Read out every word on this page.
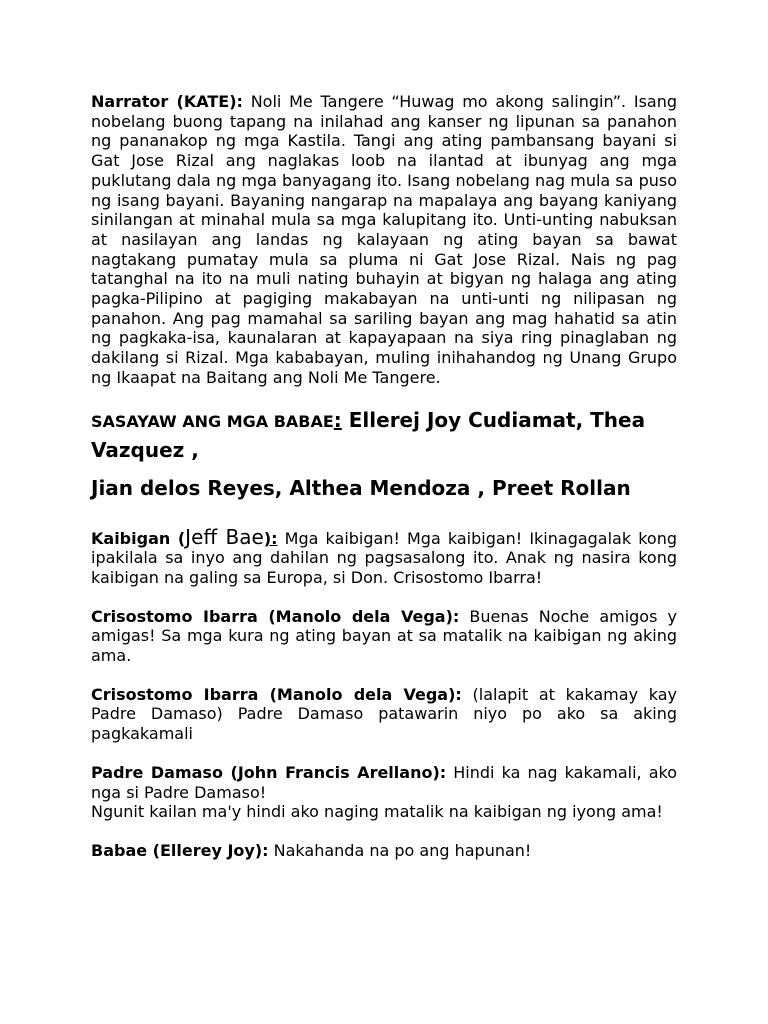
Narrator (KATE): Noli Me Tangere “Huwag mo akong salingin”. Isang nobelang buong tapang na inilahad ang kanser ng lipunan sa panahon ng pananakop ng mga Kastila. Tangi ang ating pambansang bayani si Gat Jose Rizal ang naglakas loob na ilantad at ibunyag ang mga puklutang dala ng mga banyagang ito. Isang nobelang nag mula sa puso ng isang bayani. Bayaning nangarap na mapalaya ang bayang kaniyang sinilangan at minahal mula sa mga kalupitang ito. Unti-unting nabuksan at nasilayan ang landas ng kalayaan ng ating bayan sa bawat nagtakang pumatay mula sa pluma ni Gat Jose Rizal. Nais ng pag tatanghal na ito na muli nating buhayin at bigyan ng halaga ang ating pagka-Pilipino at pagiging makabayan na unti-unti ng nilipasan ng panahon. Ang pag mamahal sa sariling bayan ang mag hahatid sa atin ng pagkaka-isa, kaunalaran at kapayapaan na siya ring pinaglaban ng dakilang si Rizal. Mga kababayan, muling inihahandog ng Unang Grupo ng Ikaapat na Baitang ang Noli Me Tangere.

SASAYAW ANG MGA BABAE: Ellerej Joy Cudiamat, Thea Vazquez ,

Jian delos Reyes, Althea Mendoza , Preet Rollan

Kaibigan (Jeff Bae): Mga kaibigan! Mga kaibigan! Ikinagagalak kong ipakilala sa inyo ang dahilan ng pagsasalong ito. Anak ng nasira kong kaibigan na galing sa Europa, si Don. Crisostomo Ibarra!

Crisostomo Ibarra (Manolo dela Vega): Buenas Noche amigos y amigas! Sa mga kura ng ating bayan at sa matalik na kaibigan ng aking ama.

Crisostomo Ibarra (Manolo dela Vega): (lalapit at kakamay kay Padre Damaso) Padre Damaso patawarin niyo po ako sa aking pagkakamali

Padre Damaso (John Francis Arellano): Hindi ka nag kakamali, ako nga si Padre Damaso!

Ngunit kailan ma'y hindi ako naging matalik na kaibigan ng iyong ama!

Babae (Ellerey Joy): Nakahanda na po ang hapunan!
